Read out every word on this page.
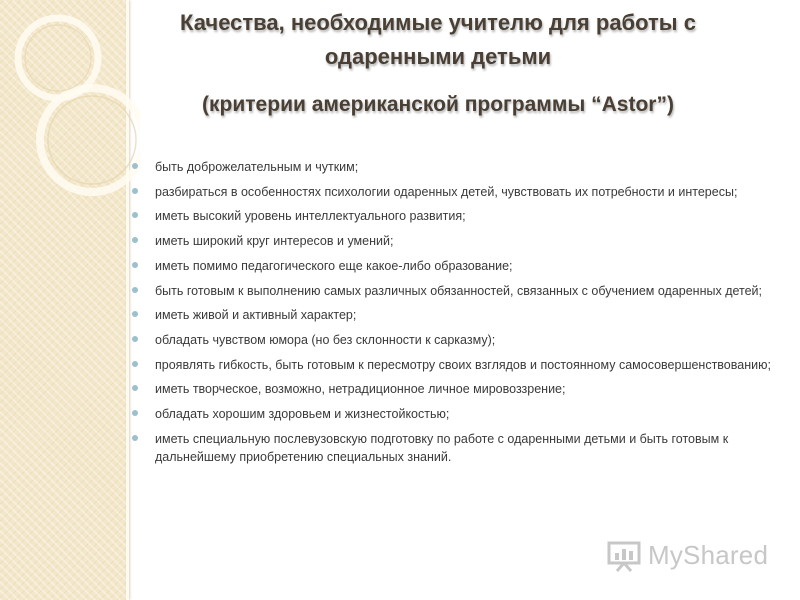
Качества, необходимые учителю для работы с
одаренными детьми
(критерии американской программы “Astor”)
быть доброжелательным и чутким;
разбираться в особенностях психологии одаренных детей, чувствовать их потребности и интересы;
иметь высокий уровень интеллектуального развития;
иметь широкий круг интересов и умений;
иметь помимо педагогического еще какое-либо образование;
быть готовым к выполнению самых различных обязанностей, связанных с обучением одаренных детей;
иметь живой и активный характер;
обладать чувством юмора (но без склонности к сарказму);
проявлять гибкость, быть готовым к пересмотру своих взглядов и постоянному самосовершенствованию;
иметь творческое, возможно, нетрадиционное личное мировоззрение;
обладать хорошим здоровьем и жизнестойкостью;
иметь специальную послевузовскую подготовку по работе с одаренными детьми и быть готовым к дальнейшему приобретению специальных знаний.
MyShared
